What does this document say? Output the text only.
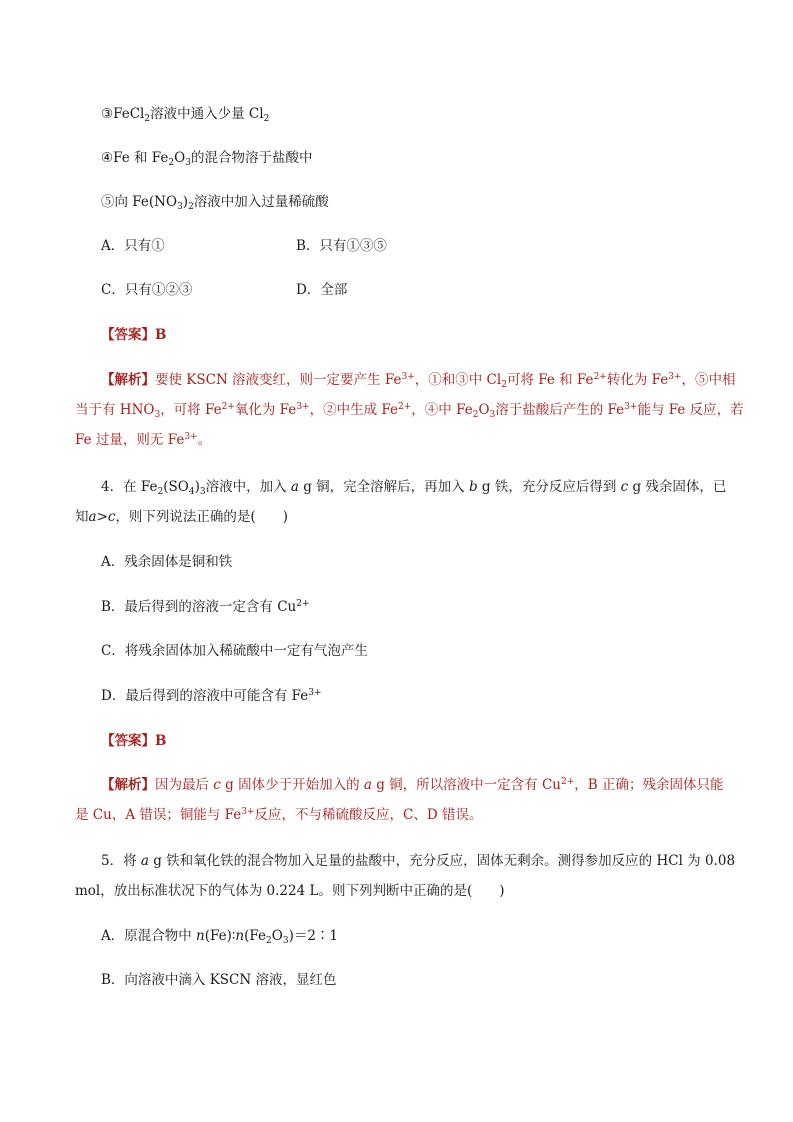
③FeCl$_2$溶液中通入少量 $Cl_2$
④Fe 和 $Fe_2O_3$的混合物溶于盐酸中
⑤向 $Fe(NO_3)_2$溶液中加入过量稀硫酸
A．只有①	B．只有①③⑤
C．只有①②③	D．全部
【答案】B
【解析】要使 KSCN 溶液变红，则一定要产生 $Fe^{3+}$，①和③中 $Cl_2$可将 Fe 和 $Fe^{2+}$转化为 $Fe^{3+}$，⑤中相
当于有 $HNO_3$，可将 $Fe^{2+}$氧化为 $Fe^{3+}$，②中生成 $Fe^{2+}$，④中 $Fe_2O_3$溶于盐酸后产生的 $Fe^{3+}$能与 Fe 反应，若
Fe 过量，则无 $Fe^{3+}$。
4．在 $Fe_2(SO_4)_3$溶液中，加入 a g 铜，完全溶解后，再加入 b g 铁，充分反应后得到 c g 残余固体，已
知a>c，则下列说法正确的是(　　)
A．残余固体是铜和铁
B．最后得到的溶液一定含有 $Cu^{2+}$
C．将残余固体加入稀硫酸中一定有气泡产生
D．最后得到的溶液中可能含有 $Fe^{3+}$
【答案】B
【解析】因为最后 c g 固体少于开始加入的 a g 铜，所以溶液中一定含有 $Cu^{2+}$，B 正确；残余固体只能
是 Cu，A 错误；铜能与 $Fe^{3+}$反应，不与稀硫酸反应，C、D 错误。
5．将 a g 铁和氧化铁的混合物加入足量的盐酸中，充分反应，固体无剩余。测得参加反应的 HCl 为 0.08
mol，放出标准状况下的气体为 0.224 L。则下列判断中正确的是(　　)
A．原混合物中 $n(Fe)∶n(Fe_2O_3)=2∶1$
B．向溶液中滴入 KSCN 溶液，显红色
